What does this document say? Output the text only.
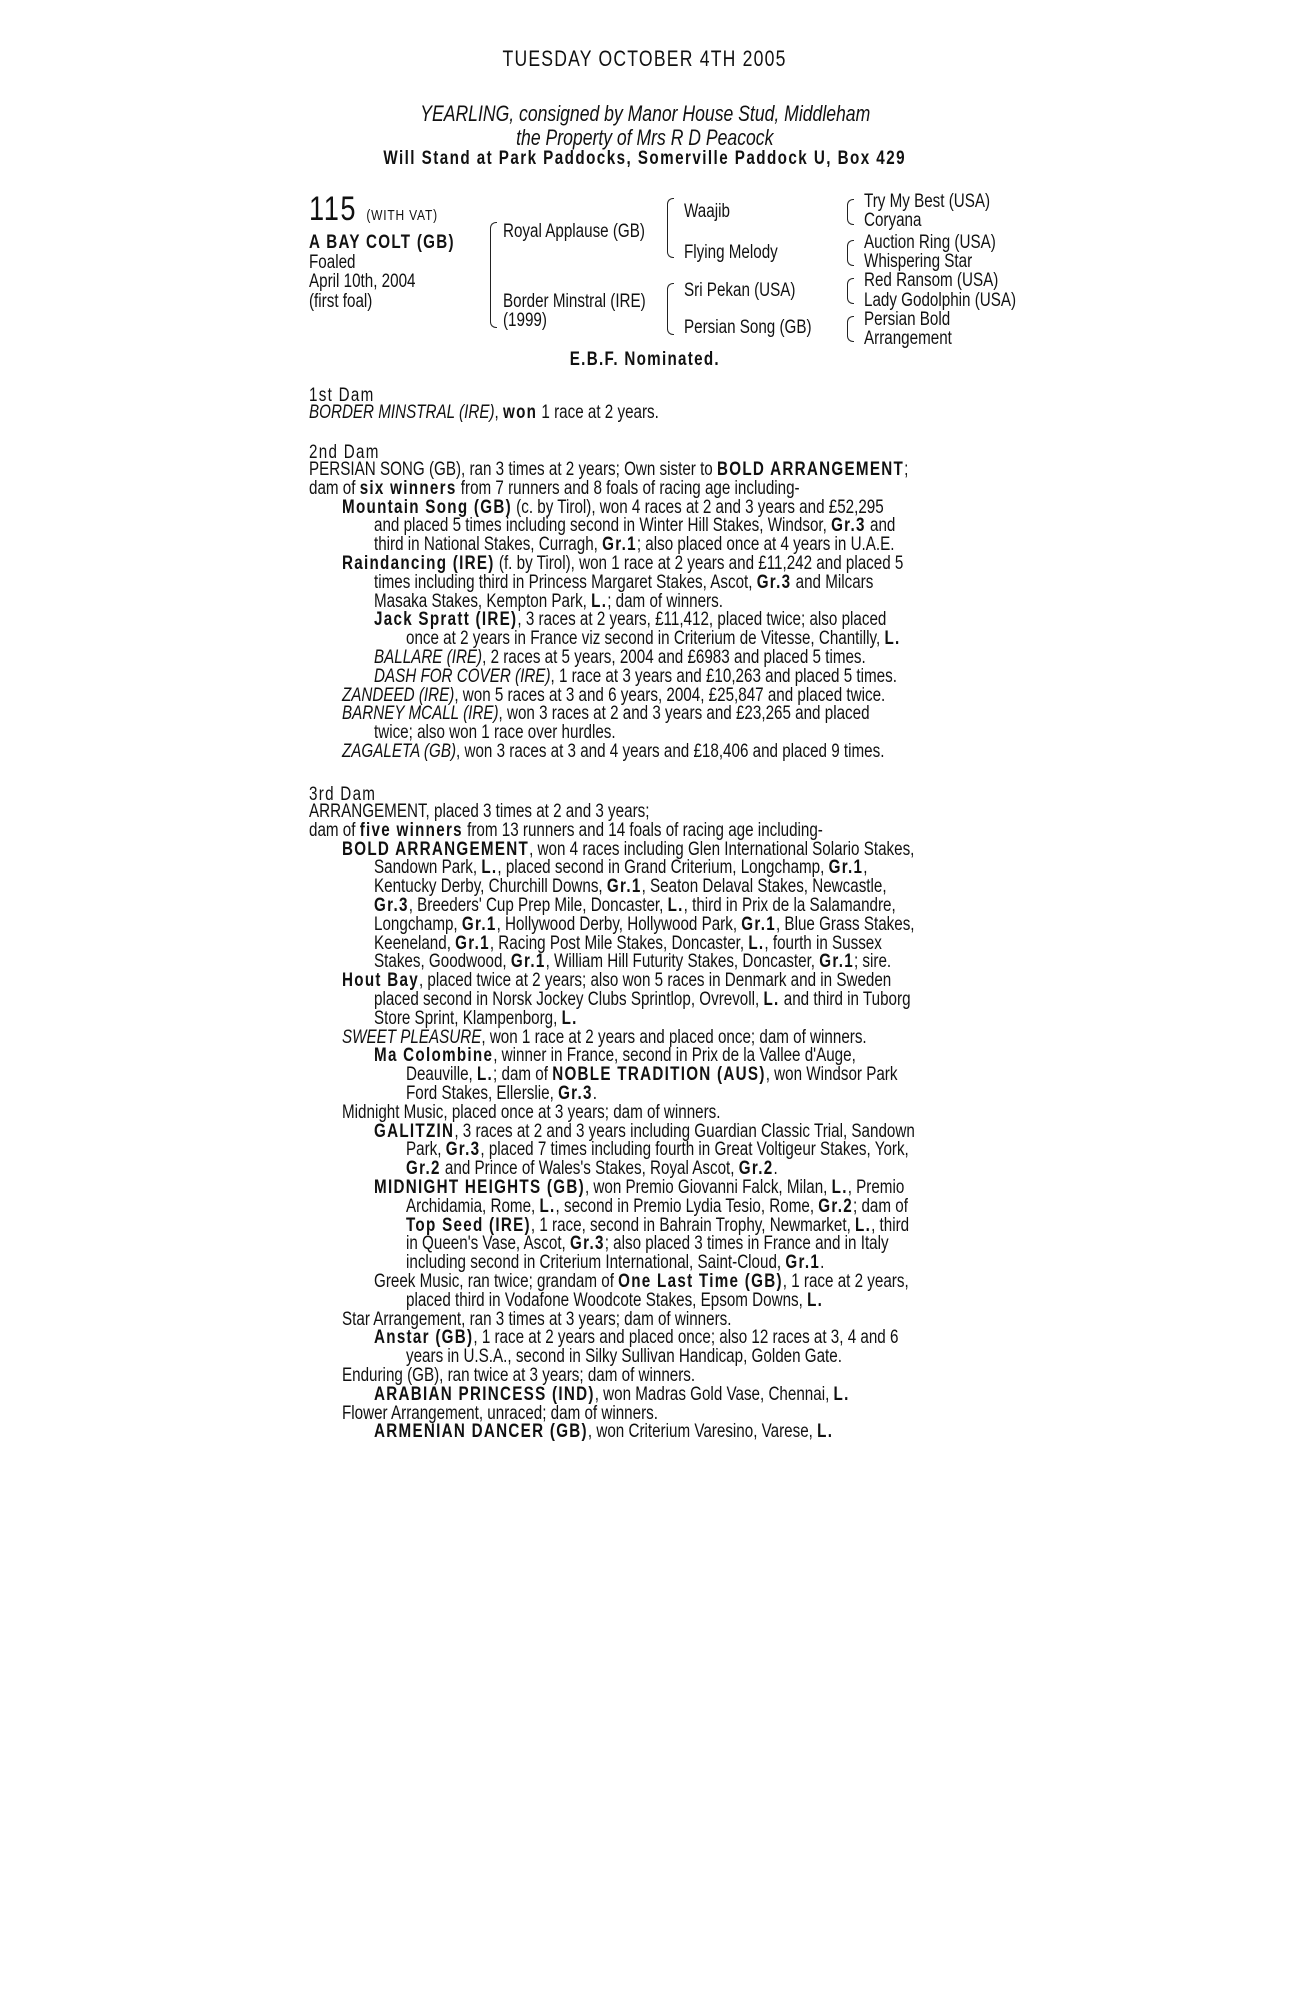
TUESDAY OCTOBER 4TH 2005
YEARLING, consigned by Manor House Stud, Middleham
the Property of Mrs R D Peacock
Will Stand at Park Paddocks, Somerville Paddock U, Box 429
115 (WITH VAT)
A BAY COLT (GB)
Foaled
April 10th, 2004
(first foal)
Royal Applause (GB)
Border Minstral (IRE)
(1999)
Waajib
Flying Melody
Sri Pekan (USA)
Persian Song (GB)
Try My Best (USA)
Coryana
Auction Ring (USA)
Whispering Star
Red Ransom (USA)
Lady Godolphin (USA)
Persian Bold
Arrangement
E.B.F. Nominated.
1st Dam
BORDER MINSTRAL (IRE), won 1 race at 2 years.
2nd Dam
PERSIAN SONG (GB), ran 3 times at 2 years; Own sister to BOLD ARRANGEMENT;
dam of six winners from 7 runners and 8 foals of racing age including-
Mountain Song (GB) (c. by Tirol), won 4 races at 2 and 3 years and £52,295
and placed 5 times including second in Winter Hill Stakes, Windsor, Gr.3 and
third in National Stakes, Curragh, Gr.1; also placed once at 4 years in U.A.E.
Raindancing (IRE) (f. by Tirol), won 1 race at 2 years and £11,242 and placed 5
times including third in Princess Margaret Stakes, Ascot, Gr.3 and Milcars
Masaka Stakes, Kempton Park, L.; dam of winners.
Jack Spratt (IRE), 3 races at 2 years, £11,412, placed twice; also placed
once at 2 years in France viz second in Criterium de Vitesse, Chantilly, L.
BALLARE (IRE), 2 races at 5 years, 2004 and £6983 and placed 5 times.
DASH FOR COVER (IRE), 1 race at 3 years and £10,263 and placed 5 times.
ZANDEED (IRE), won 5 races at 3 and 6 years, 2004, £25,847 and placed twice.
BARNEY MCALL (IRE), won 3 races at 2 and 3 years and £23,265 and placed
twice; also won 1 race over hurdles.
ZAGALETA (GB), won 3 races at 3 and 4 years and £18,406 and placed 9 times.
3rd Dam
ARRANGEMENT, placed 3 times at 2 and 3 years;
dam of five winners from 13 runners and 14 foals of racing age including-
BOLD ARRANGEMENT, won 4 races including Glen International Solario Stakes,
Sandown Park, L., placed second in Grand Criterium, Longchamp, Gr.1,
Kentucky Derby, Churchill Downs, Gr.1, Seaton Delaval Stakes, Newcastle,
Gr.3, Breeders' Cup Prep Mile, Doncaster, L., third in Prix de la Salamandre,
Longchamp, Gr.1, Hollywood Derby, Hollywood Park, Gr.1, Blue Grass Stakes,
Keeneland, Gr.1, Racing Post Mile Stakes, Doncaster, L., fourth in Sussex
Stakes, Goodwood, Gr.1, William Hill Futurity Stakes, Doncaster, Gr.1; sire.
Hout Bay, placed twice at 2 years; also won 5 races in Denmark and in Sweden
placed second in Norsk Jockey Clubs Sprintlop, Ovrevoll, L. and third in Tuborg
Store Sprint, Klampenborg, L.
SWEET PLEASURE, won 1 race at 2 years and placed once; dam of winners.
Ma Colombine, winner in France, second in Prix de la Vallee d'Auge,
Deauville, L.; dam of NOBLE TRADITION (AUS), won Windsor Park
Ford Stakes, Ellerslie, Gr.3.
Midnight Music, placed once at 3 years; dam of winners.
GALITZIN, 3 races at 2 and 3 years including Guardian Classic Trial, Sandown
Park, Gr.3, placed 7 times including fourth in Great Voltigeur Stakes, York,
Gr.2 and Prince of Wales's Stakes, Royal Ascot, Gr.2.
MIDNIGHT HEIGHTS (GB), won Premio Giovanni Falck, Milan, L., Premio
Archidamia, Rome, L., second in Premio Lydia Tesio, Rome, Gr.2; dam of
Top Seed (IRE), 1 race, second in Bahrain Trophy, Newmarket, L., third
in Queen's Vase, Ascot, Gr.3; also placed 3 times in France and in Italy
including second in Criterium International, Saint-Cloud, Gr.1.
Greek Music, ran twice; grandam of One Last Time (GB), 1 race at 2 years,
placed third in Vodafone Woodcote Stakes, Epsom Downs, L.
Star Arrangement, ran 3 times at 3 years; dam of winners.
Anstar (GB), 1 race at 2 years and placed once; also 12 races at 3, 4 and 6
years in U.S.A., second in Silky Sullivan Handicap, Golden Gate.
Enduring (GB), ran twice at 3 years; dam of winners.
ARABIAN PRINCESS (IND), won Madras Gold Vase, Chennai, L.
Flower Arrangement, unraced; dam of winners.
ARMENIAN DANCER (GB), won Criterium Varesino, Varese, L.
